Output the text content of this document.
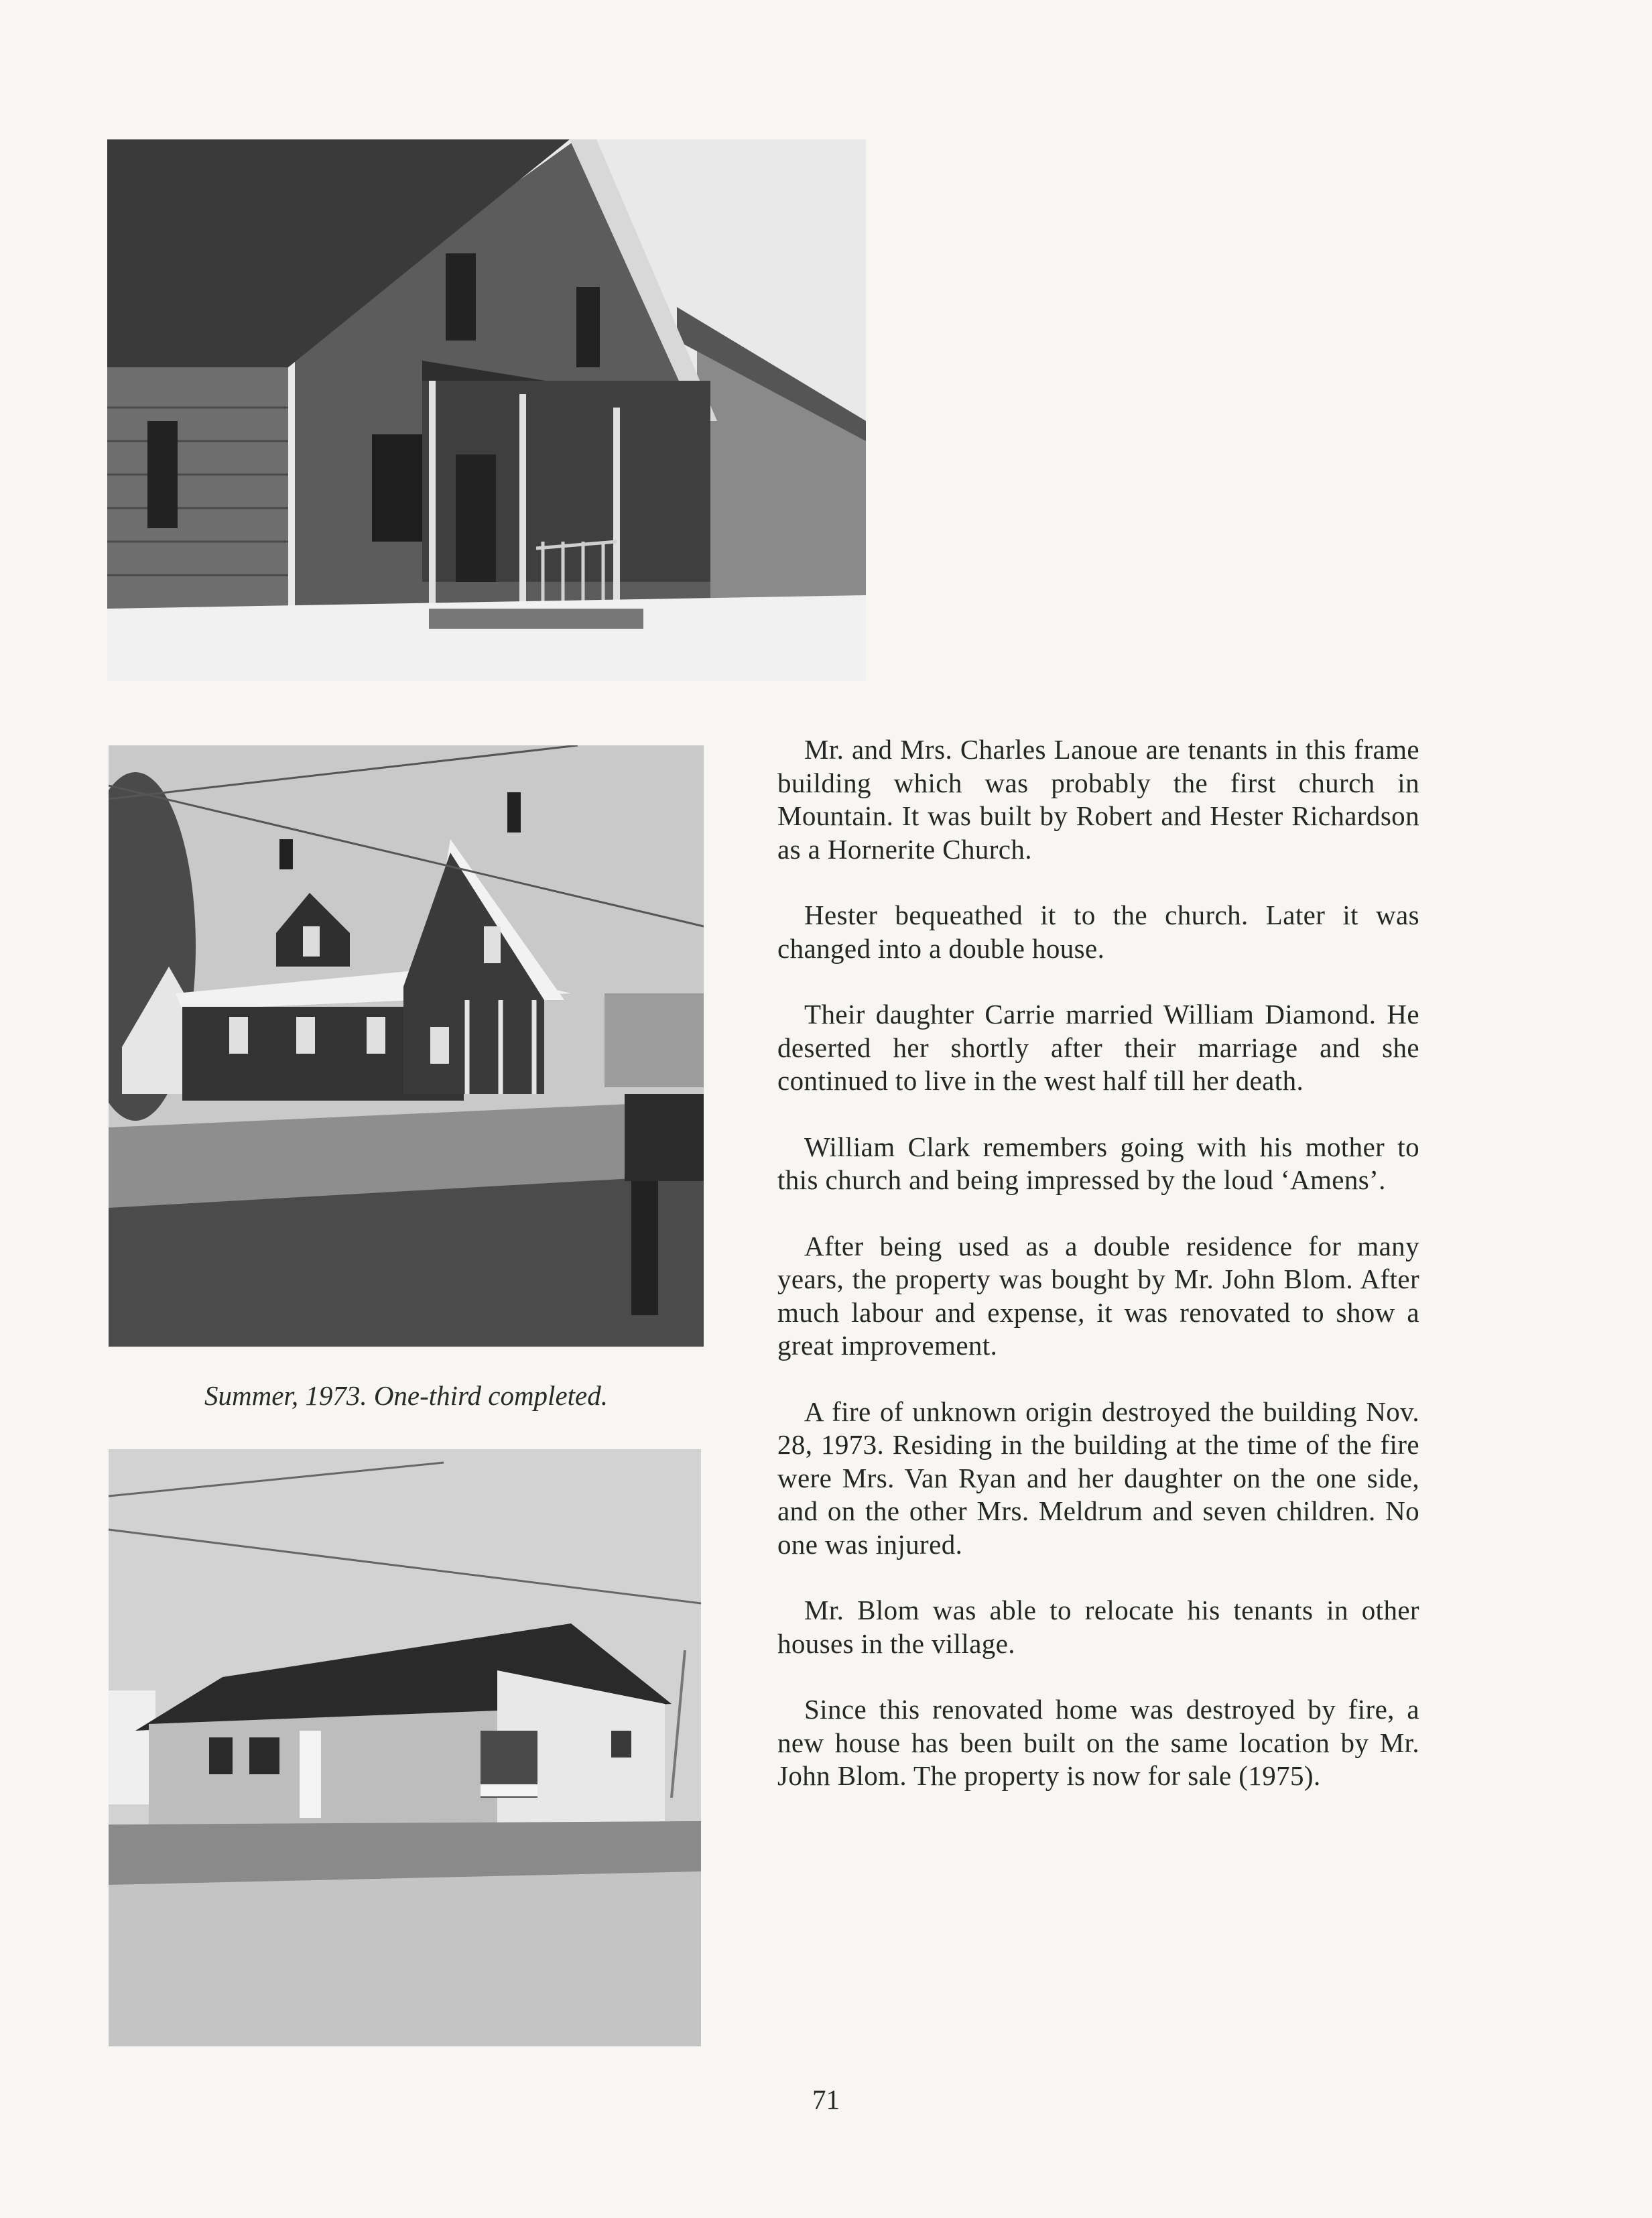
Summer, 1973. One-third completed.

Mr. and Mrs. Charles Lanoue are tenants in this frame building which was probably the first church in Mountain. It was built by Robert and Hester Richardson as a Hornerite Church.

Hester bequeathed it to the church. Later it was changed into a double house.

Their daughter Carrie married William Diamond. He deserted her shortly after their marriage and she continued to live in the west half till her death.

William Clark remembers going with his mother to this church and being impressed by the loud ‘Amens’.

After being used as a double residence for many years, the property was bought by Mr. John Blom. After much labour and expense, it was renovated to show a great improvement.

A fire of unknown origin destroyed the building Nov. 28, 1973. Residing in the building at the time of the fire were Mrs. Van Ryan and her daughter on the one side, and on the other Mrs. Meldrum and seven children. No one was injured.

Mr. Blom was able to relocate his tenants in other houses in the village.

Since this renovated home was destroyed by fire, a new house has been built on the same location by Mr. John Blom. The property is now for sale (1975).

71
